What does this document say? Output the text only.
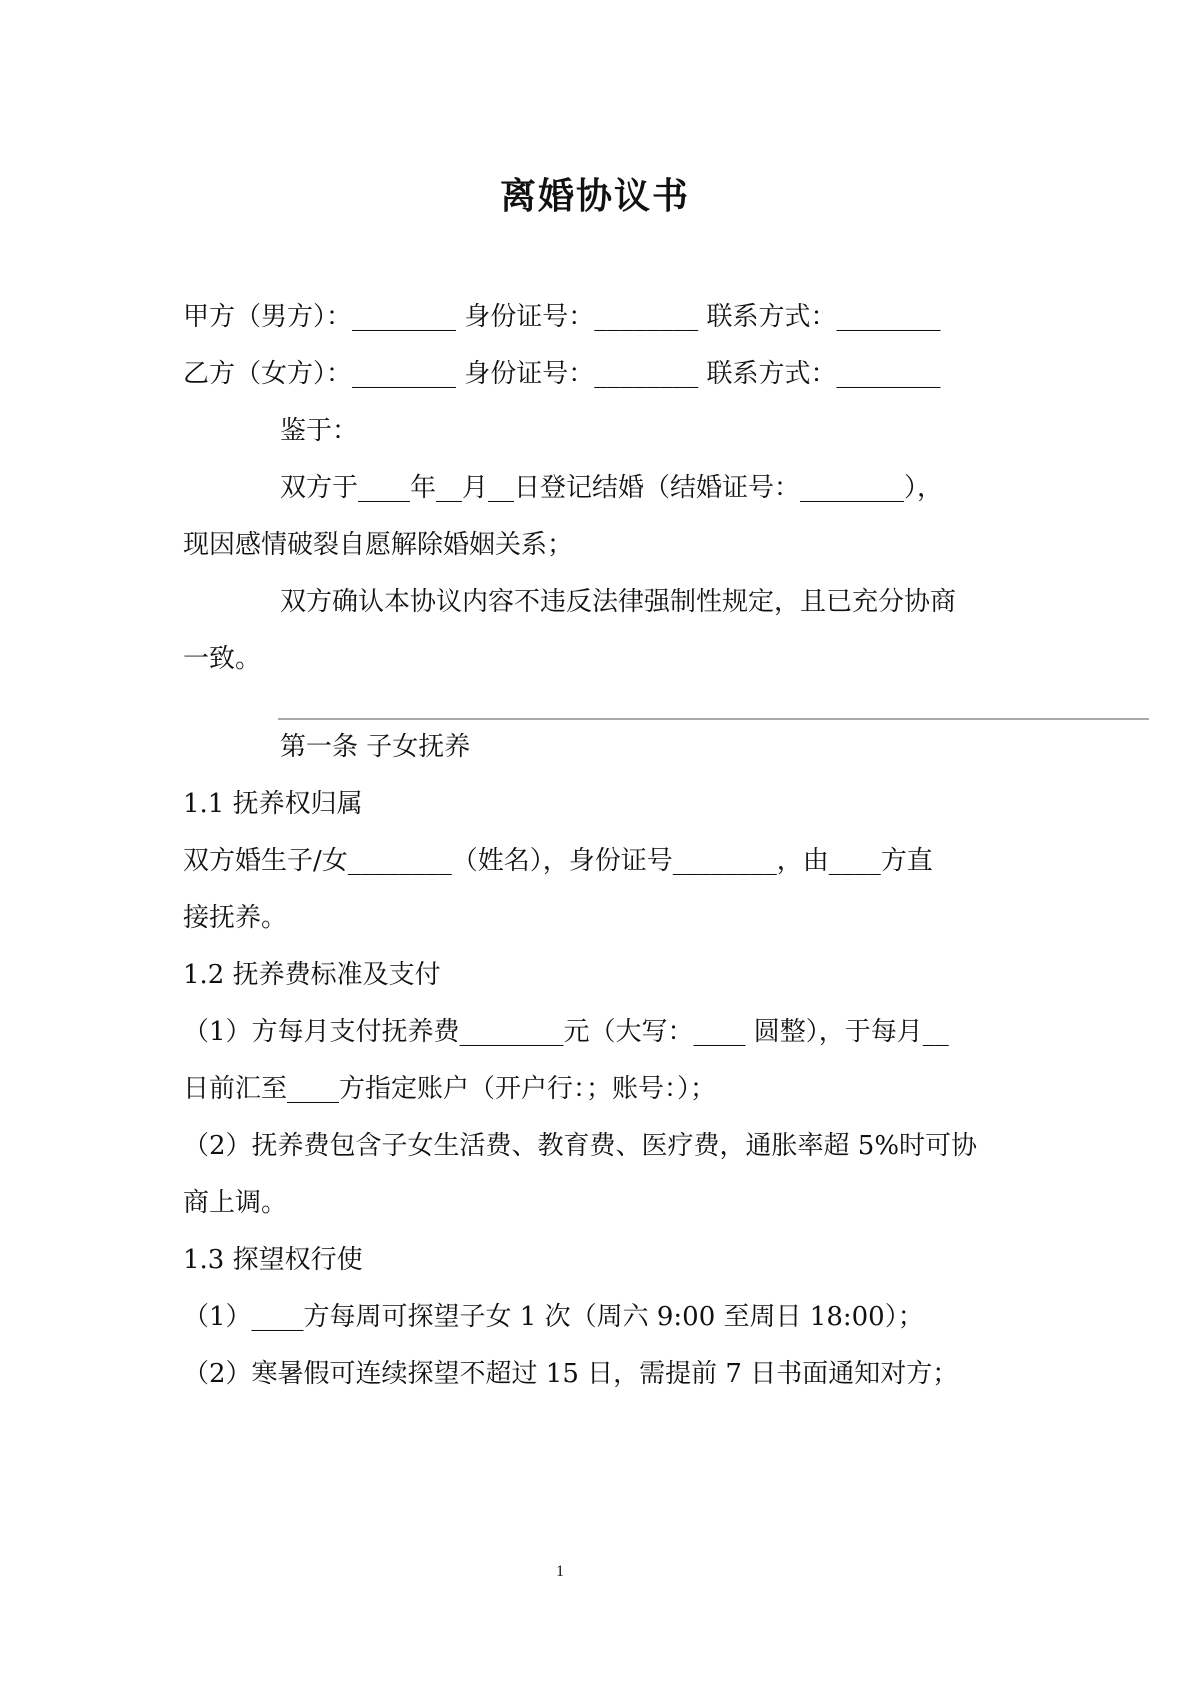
离婚协议书
甲方（男方）：________ 身份证号：________ 联系方式：________
乙方（女方）：________ 身份证号：________ 联系方式：________
鉴于：
双方于____年__月__日登记结婚（结婚证号：________），
现因感情破裂自愿解除婚姻关系；
双方确认本协议内容不违反法律强制性规定，且已充分协商
一致。
第一条 子女抚养
1.1 抚养权归属
双方婚生子/女________（姓名），身份证号________，由____方直
接抚养。
1.2 抚养费标准及支付
（1）方每月支付抚养费________元（大写：____ 圆整），于每月__
日前汇至____方指定账户（开户行：；账号：）；
（2）抚养费包含子女生活费、教育费、医疗费，通胀率超 5%时可协
商上调。
1.3 探望权行使
（1）____方每周可探望子女 1 次（周六 9:00 至周日 18:00）；
（2）寒暑假可连续探望不超过 15 日，需提前 7 日书面通知对方；
1
